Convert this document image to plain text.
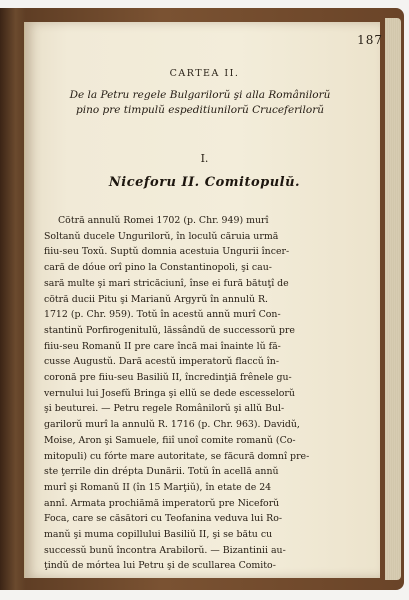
187
CARTEA II.
De la Petru regele Bulgarilorŭ şi alla Românilorŭ
pino pre timpulŭ espeditiunilorŭ Cruceferilorŭ
I.
Niceforu II. Comitopulŭ.
Cötră annulŭ Romei 1702 (p. Chr. 949) murî
Soltanŭ ducele Ungurilorŭ, în loculŭ căruia urmă
fiiu-seu Toxŭ. Suptŭ domnia acestuia Ungurii încer-
cară de dóue orî pino la Constantinopoli, şi cau-
sară multe şi mari stricăciunî, înse ei fură bătuţî de
cötră ducii Pitu şi Marianŭ Argyrŭ în annulŭ R.
1712 (p. Chr. 959). Totŭ în acestŭ annŭ murî Con-
stantinŭ Porfirogenitulŭ, lăssândŭ de successorŭ pre
fiiu-seu Romanŭ II pre care încă mai înainte lŭ fă-
cusse Augustŭ. Dară acestŭ imperatorŭ flaccŭ în-
coronă pre fiiu-seu Basiliŭ II, încredinţiă frênele gu-
vernului lui Josefŭ Bringa şi ellŭ se dede escesselorŭ
şi beuturei. — Petru regele Românilorŭ şi allŭ Bul-
garilorŭ murî la annulŭ R. 1716 (p. Chr. 963). Davidŭ,
Moise, Aron şi Samuele, fiiî unoî comite romanŭ (Co-
mitopuli) cu fórte mare autoritate, se făcură domnî pre-
ste ţerrile din drépta Dunării. Totŭ în acellă annŭ
murî şi Romanŭ II (în 15 Marţiŭ), în etate de 24
annî. Armata prochiămă imperatorŭ pre Niceforŭ
Foca, care se căsători cu Teofanina veduva lui Ro-
manŭ şi muma copillului Basiliŭ II, şi se bătu cu
successŭ bunŭ încontra Arabilorŭ. — Bizantinii au-
ţindŭ de mórtea lui Petru şi de scullarea Comito-
